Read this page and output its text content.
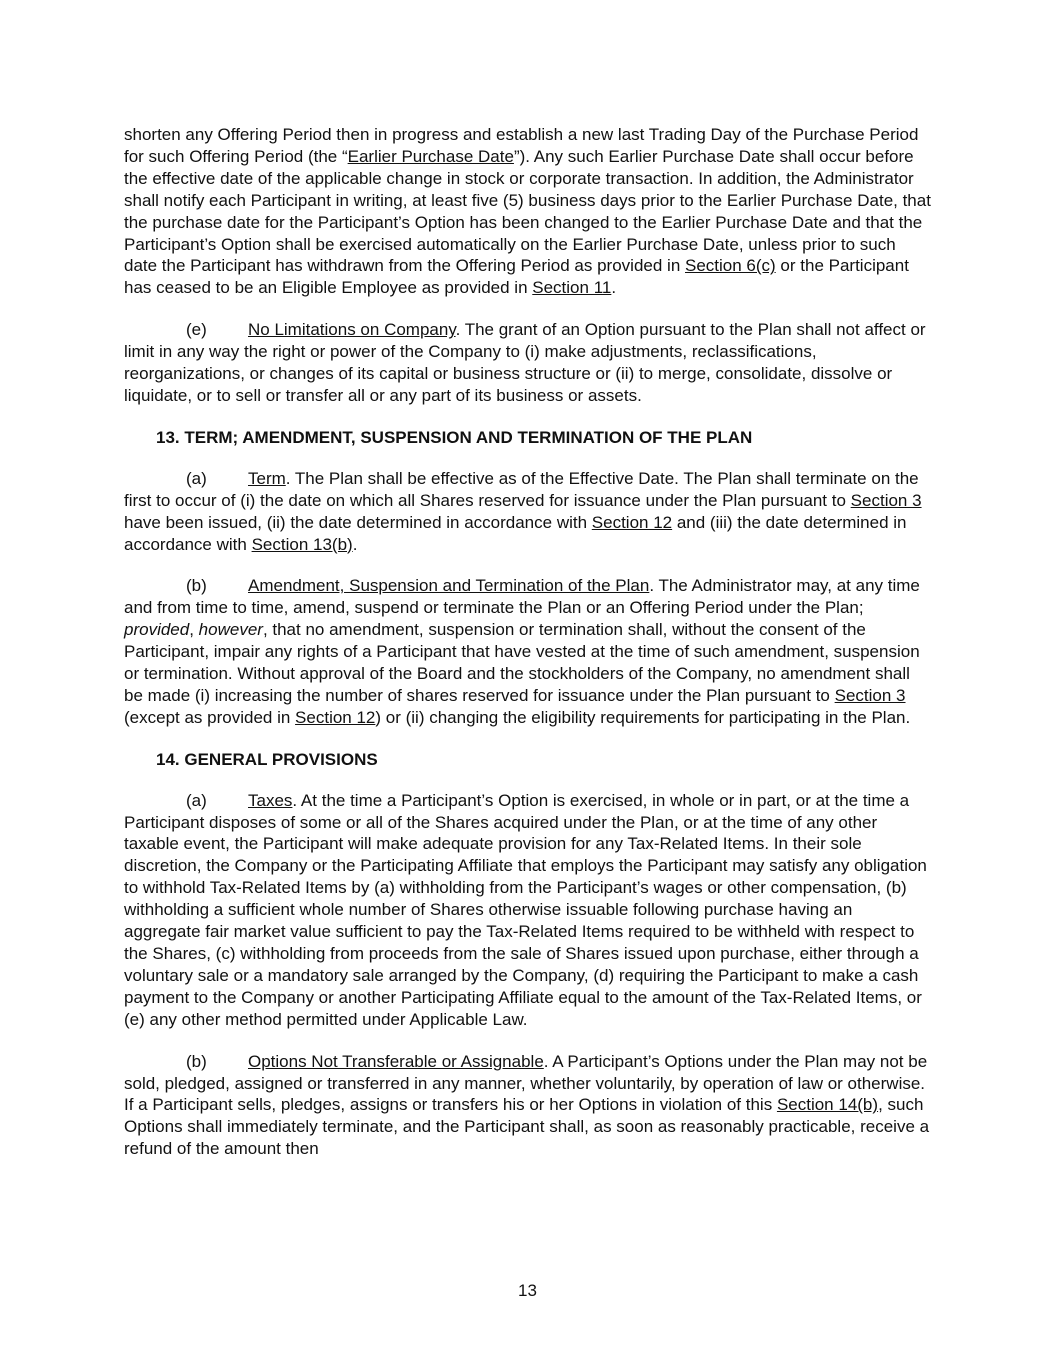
shorten any Offering Period then in progress and establish a new last Trading Day of the Purchase Period for such Offering Period (the “Earlier Purchase Date”). Any such Earlier Purchase Date shall occur before the effective date of the applicable change in stock or corporate transaction. In addition, the Administrator shall notify each Participant in writing, at least five (5) business days prior to the Earlier Purchase Date, that the purchase date for the Participant’s Option has been changed to the Earlier Purchase Date and that the Participant’s Option shall be exercised automatically on the Earlier Purchase Date, unless prior to such date the Participant has withdrawn from the Offering Period as provided in Section 6(c) or the Participant has ceased to be an Eligible Employee as provided in Section 11.

(e) No Limitations on Company. The grant of an Option pursuant to the Plan shall not affect or limit in any way the right or power of the Company to (i) make adjustments, reclassifications, reorganizations, or changes of its capital or business structure or (ii) to merge, consolidate, dissolve or liquidate, or to sell or transfer all or any part of its business or assets.

13. TERM; AMENDMENT, SUSPENSION AND TERMINATION OF THE PLAN

(a) Term. The Plan shall be effective as of the Effective Date. The Plan shall terminate on the first to occur of (i) the date on which all Shares reserved for issuance under the Plan pursuant to Section 3 have been issued, (ii) the date determined in accordance with Section 12 and (iii) the date determined in accordance with Section 13(b).

(b) Amendment, Suspension and Termination of the Plan. The Administrator may, at any time and from time to time, amend, suspend or terminate the Plan or an Offering Period under the Plan; provided, however, that no amendment, suspension or termination shall, without the consent of the Participant, impair any rights of a Participant that have vested at the time of such amendment, suspension or termination. Without approval of the Board and the stockholders of the Company, no amendment shall be made (i) increasing the number of shares reserved for issuance under the Plan pursuant to Section 3 (except as provided in Section 12) or (ii) changing the eligibility requirements for participating in the Plan.

14. GENERAL PROVISIONS

(a) Taxes. At the time a Participant’s Option is exercised, in whole or in part, or at the time a Participant disposes of some or all of the Shares acquired under the Plan, or at the time of any other taxable event, the Participant will make adequate provision for any Tax-Related Items. In their sole discretion, the Company or the Participating Affiliate that employs the Participant may satisfy any obligation to withhold Tax-Related Items by (a) withholding from the Participant’s wages or other compensation, (b) withholding a sufficient whole number of Shares otherwise issuable following purchase having an aggregate fair market value sufficient to pay the Tax-Related Items required to be withheld with respect to the Shares, (c) withholding from proceeds from the sale of Shares issued upon purchase, either through a voluntary sale or a mandatory sale arranged by the Company, (d) requiring the Participant to make a cash payment to the Company or another Participating Affiliate equal to the amount of the Tax-Related Items, or (e) any other method permitted under Applicable Law.

(b) Options Not Transferable or Assignable. A Participant’s Options under the Plan may not be sold, pledged, assigned or transferred in any manner, whether voluntarily, by operation of law or otherwise. If a Participant sells, pledges, assigns or transfers his or her Options in violation of this Section 14(b), such Options shall immediately terminate, and the Participant shall, as soon as reasonably practicable, receive a refund of the amount then

13
